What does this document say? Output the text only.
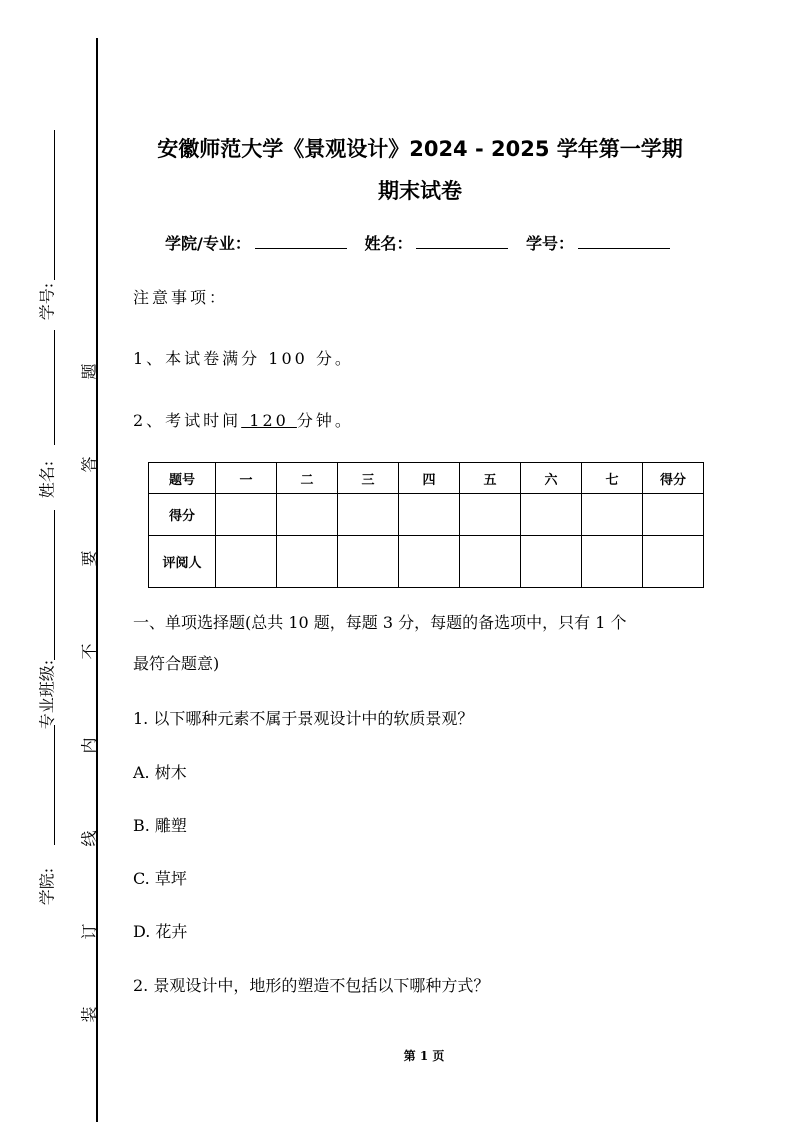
学号:
姓名:
专业班级:
学院:
题
答
要
不
内
线
订
装
安徽师范大学《景观设计》2024 - 2025 学年第一学期
期末试卷
学院/专业：	姓名：	学号：
注意事项：
1、本试卷满分 100 分。
2、考试时间 120 分钟。
题号	一	二	三	四	五	六	七	得分
得分								
评阅人								
一、单项选择题(总共 10 题，每题 3 分，每题的备选项中，只有 1 个
最符合题意)
1. 以下哪种元素不属于景观设计中的软质景观？
A. 树木
B. 雕塑
C. 草坪
D. 花卉
2. 景观设计中，地形的塑造不包括以下哪种方式？
第 1 页
